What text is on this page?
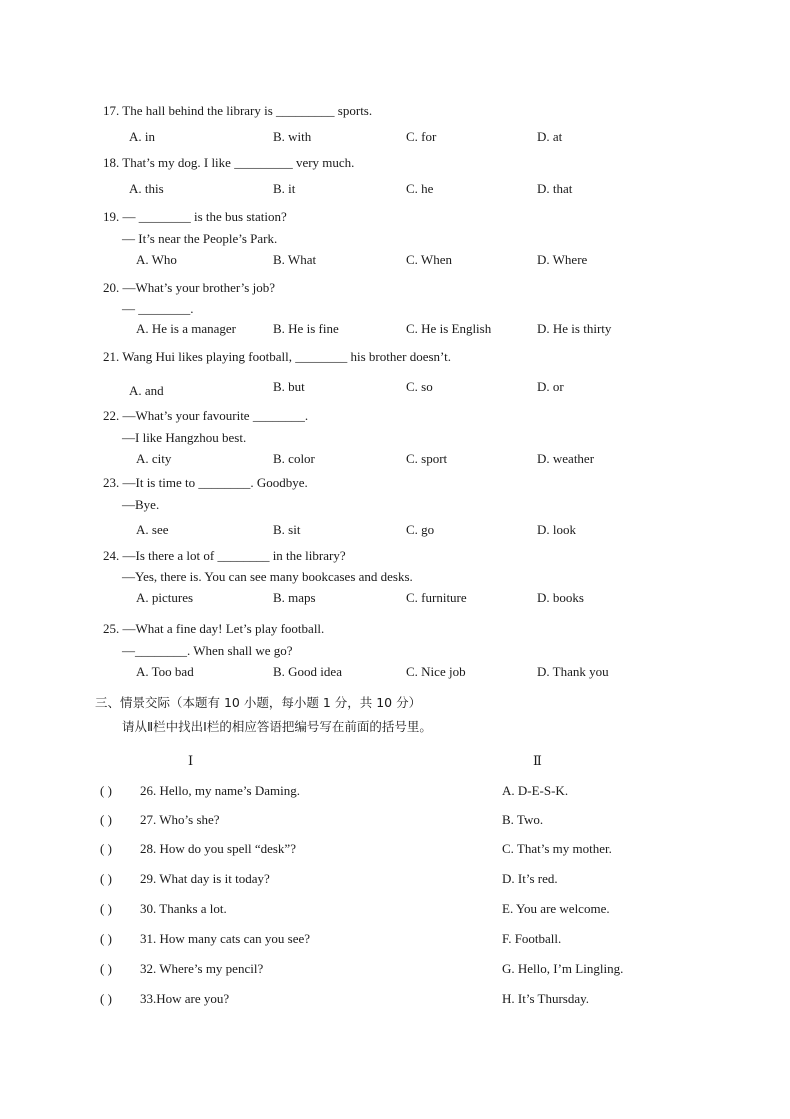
17. The hall behind the library is _________ sports.
A. in	B. with	C. for	D. at
18. That’s my dog. I like _________ very much.
A. this	B. it	C. he	D. that
19. — ________ is the bus station?
— It’s near the People’s Park.
A. Who	B. What	C. When	D. Where
20. —What’s your brother’s job?
— ________.
A. He is a manager	B. He is fine	C. He is English	D. He is thirty
21. Wang Hui likes playing football, ________ his brother doesn’t.
A. and	B. but	C. so	D. or
22. —What’s your favourite ________.
—I like Hangzhou best.
A. city	B. color	C. sport	D. weather
23. —It is time to ________. Goodbye.
—Bye.
A. see	B. sit	C. go	D. look
24. —Is there a lot of ________ in the library?
—Yes, there is. You can see many bookcases and desks.
A. pictures	B. maps	C. furniture	D. books
25. —What a fine day! Let’s play football.
—________. When shall we go?
A. Too bad	B. Good idea	C. Nice job	D. Thank you
三、情景交际（本题有 10 小题，每小题 1 分，共 10 分）
请从Ⅱ栏中找出Ⅰ栏的相应答语把编号写在前面的括号里。
Ⅰ	Ⅱ
( ) 26. Hello, my name’s Daming.	A. D-E-S-K.
( ) 27. Who’s she?	B. Two.
( ) 28. How do you spell “desk”?	C. That’s my mother.
( ) 29. What day is it today?	D. It’s red.
( ) 30. Thanks a lot.	E. You are welcome.
( ) 31. How many cats can you see?	F. Football.
( ) 32. Where’s my pencil?	G. Hello, I’m Lingling.
( ) 33.How are you?	H. It’s Thursday.
